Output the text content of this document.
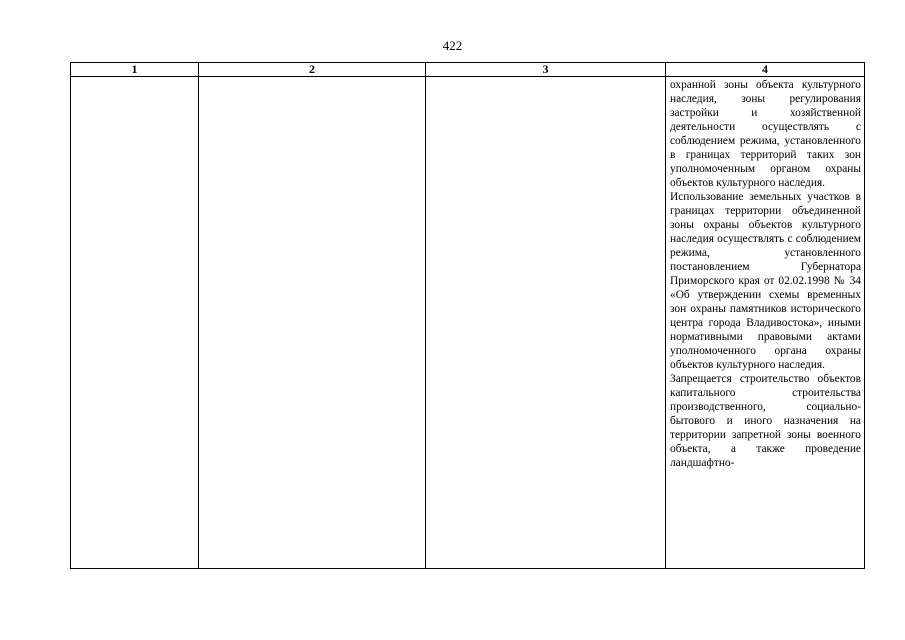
422
1	2	3	4

			охранной зоны объекта культурного наследия, зоны регулирования застройки и хозяйственной деятельности осуществлять с соблюдением режима, установленного в границах территорий таких зон уполномоченным органом охраны объектов культурного наследия.

Использование земельных участков в границах территории объединенной зоны охраны объектов культурного наследия осуществлять с соблюдением режима, установленного постановлением Губернатора Приморского края от 02.02.1998 № 34 «Об утверждении схемы временных зон охраны памятников исторического центра города Владивостока», иными нормативными правовыми актами уполномоченного органа охраны объектов культурного наследия.

Запрещается строительство объектов капитального строительства производственного, социально-бытового и иного назначения на территории запретной зоны военного объекта, а также проведение ландшафтно-
